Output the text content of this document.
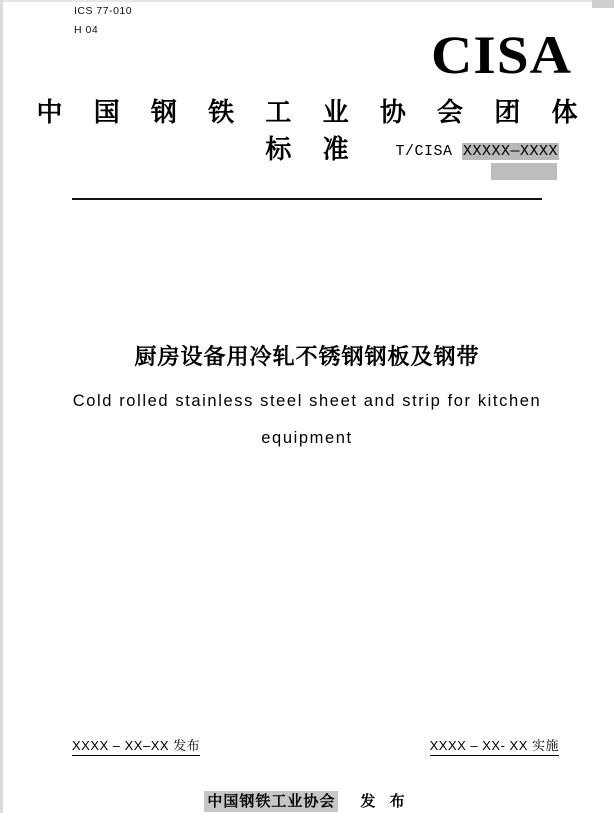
ICS 77-010
H 04	CISA
中 国 钢 铁 工 业 协 会 团 体 标 准	T/CISA XXXXX—XXXX
厨房设备用冷轧不锈钢钢板及钢带
Cold rolled stainless steel sheet and strip for kitchen equipment
XXXX – XX–XX 发布	XXXX – XX- XX 实施
中国钢铁工业协会 发 布
